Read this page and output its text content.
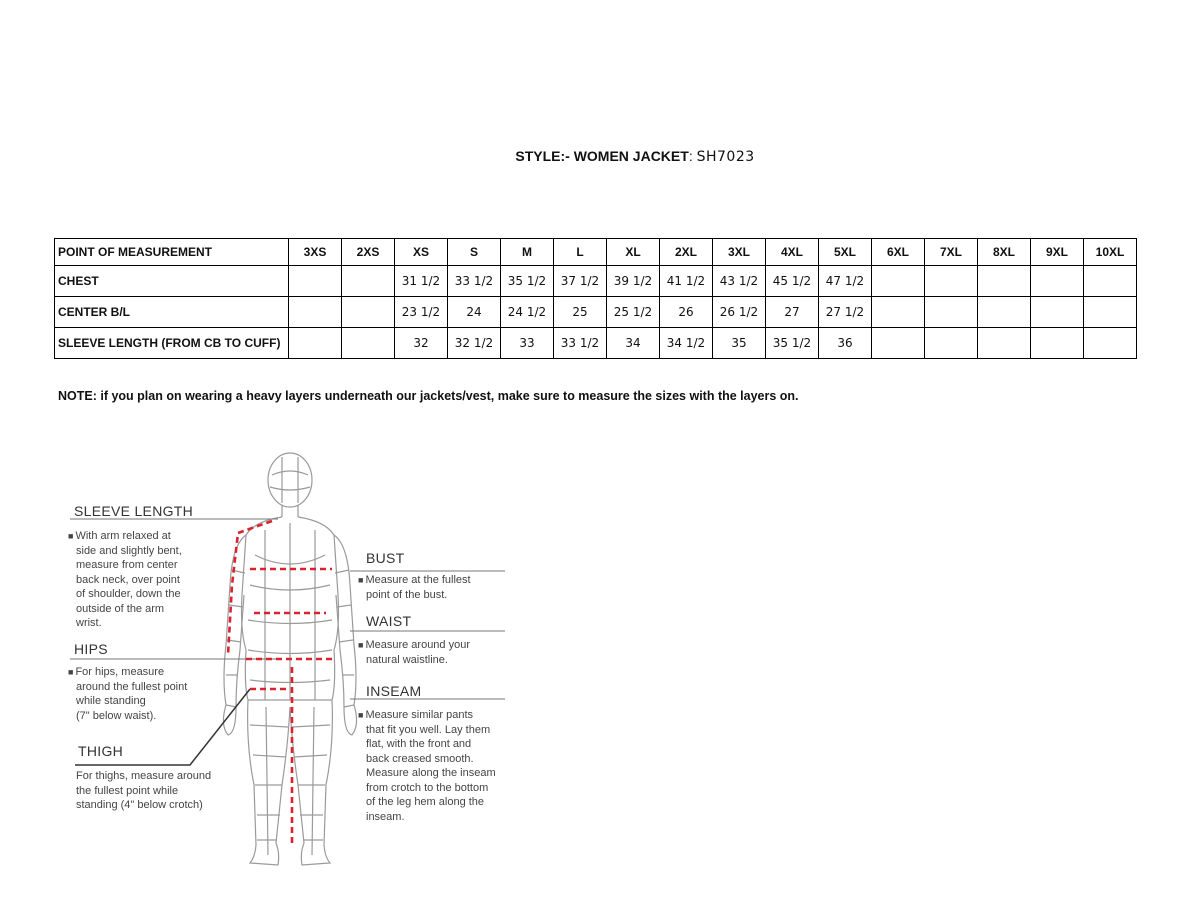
STYLE:- WOMEN JACKET: SH7023
POINT OF MEASUREMENT	3XS	2XS	XS	S	M	L	XL	2XL	3XL	4XL	5XL	6XL	7XL	8XL	9XL	10XL
CHEST			31 1/2	33 1/2	35 1/2	37 1/2	39 1/2	41 1/2	43 1/2	45 1/2	47 1/2					
CENTER B/L			23 1/2	24	24 1/2	25	25 1/2	26	26 1/2	27	27 1/2					
SLEEVE LENGTH (FROM CB TO CUFF)			32	32 1/2	33	33 1/2	34	34 1/2	35	35 1/2	36					
NOTE: if you plan on wearing a heavy layers underneath our jackets/vest, make sure to measure the sizes with the layers on.
SLEEVE LENGTH
■ With arm relaxed at
side and slightly bent,
measure from center
back neck, over point
of shoulder, down the
outside of the arm
wrist.
HIPS
■ For hips, measure
around the fullest point
while standing
(7" below waist).
THIGH
For thighs, measure around
the fullest point while
standing (4" below crotch)
BUST
■ Measure at the fullest
point of the bust.
WAIST
■ Measure around your
natural waistline.
INSEAM
■ Measure similar pants
that fit you well. Lay them
flat, with the front and
back creased smooth.
Measure along the inseam
from crotch to the bottom
of the leg hem along the
inseam.
